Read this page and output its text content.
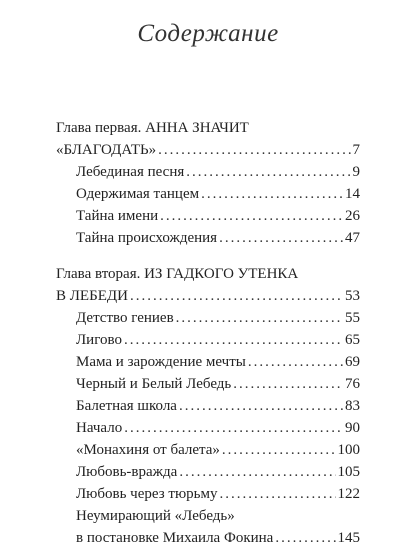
Содержание
Глава первая. АННА ЗНАЧИТ
«БЛАГОДАТЬ» .....	7
Лебединая песня .....	9
Одержимая танцем .....	14
Тайна имени .....	26
Тайна происхождения .....	47
Глава вторая. ИЗ ГАДКОГО УТЕНКА
В ЛЕБЕДИ .....	53
Детство гениев .....	55
Лигово .....	65
Мама и зарождение мечты .....	69
Черный и Белый Лебедь .....	76
Балетная школа .....	83
Начало .....	90
«Монахиня от балета» .....	100
Любовь-вражда .....	105
Любовь через тюрьму .....	122
Неумирающий «Лебедь»
в постановке Михаила Фокина .....	145
